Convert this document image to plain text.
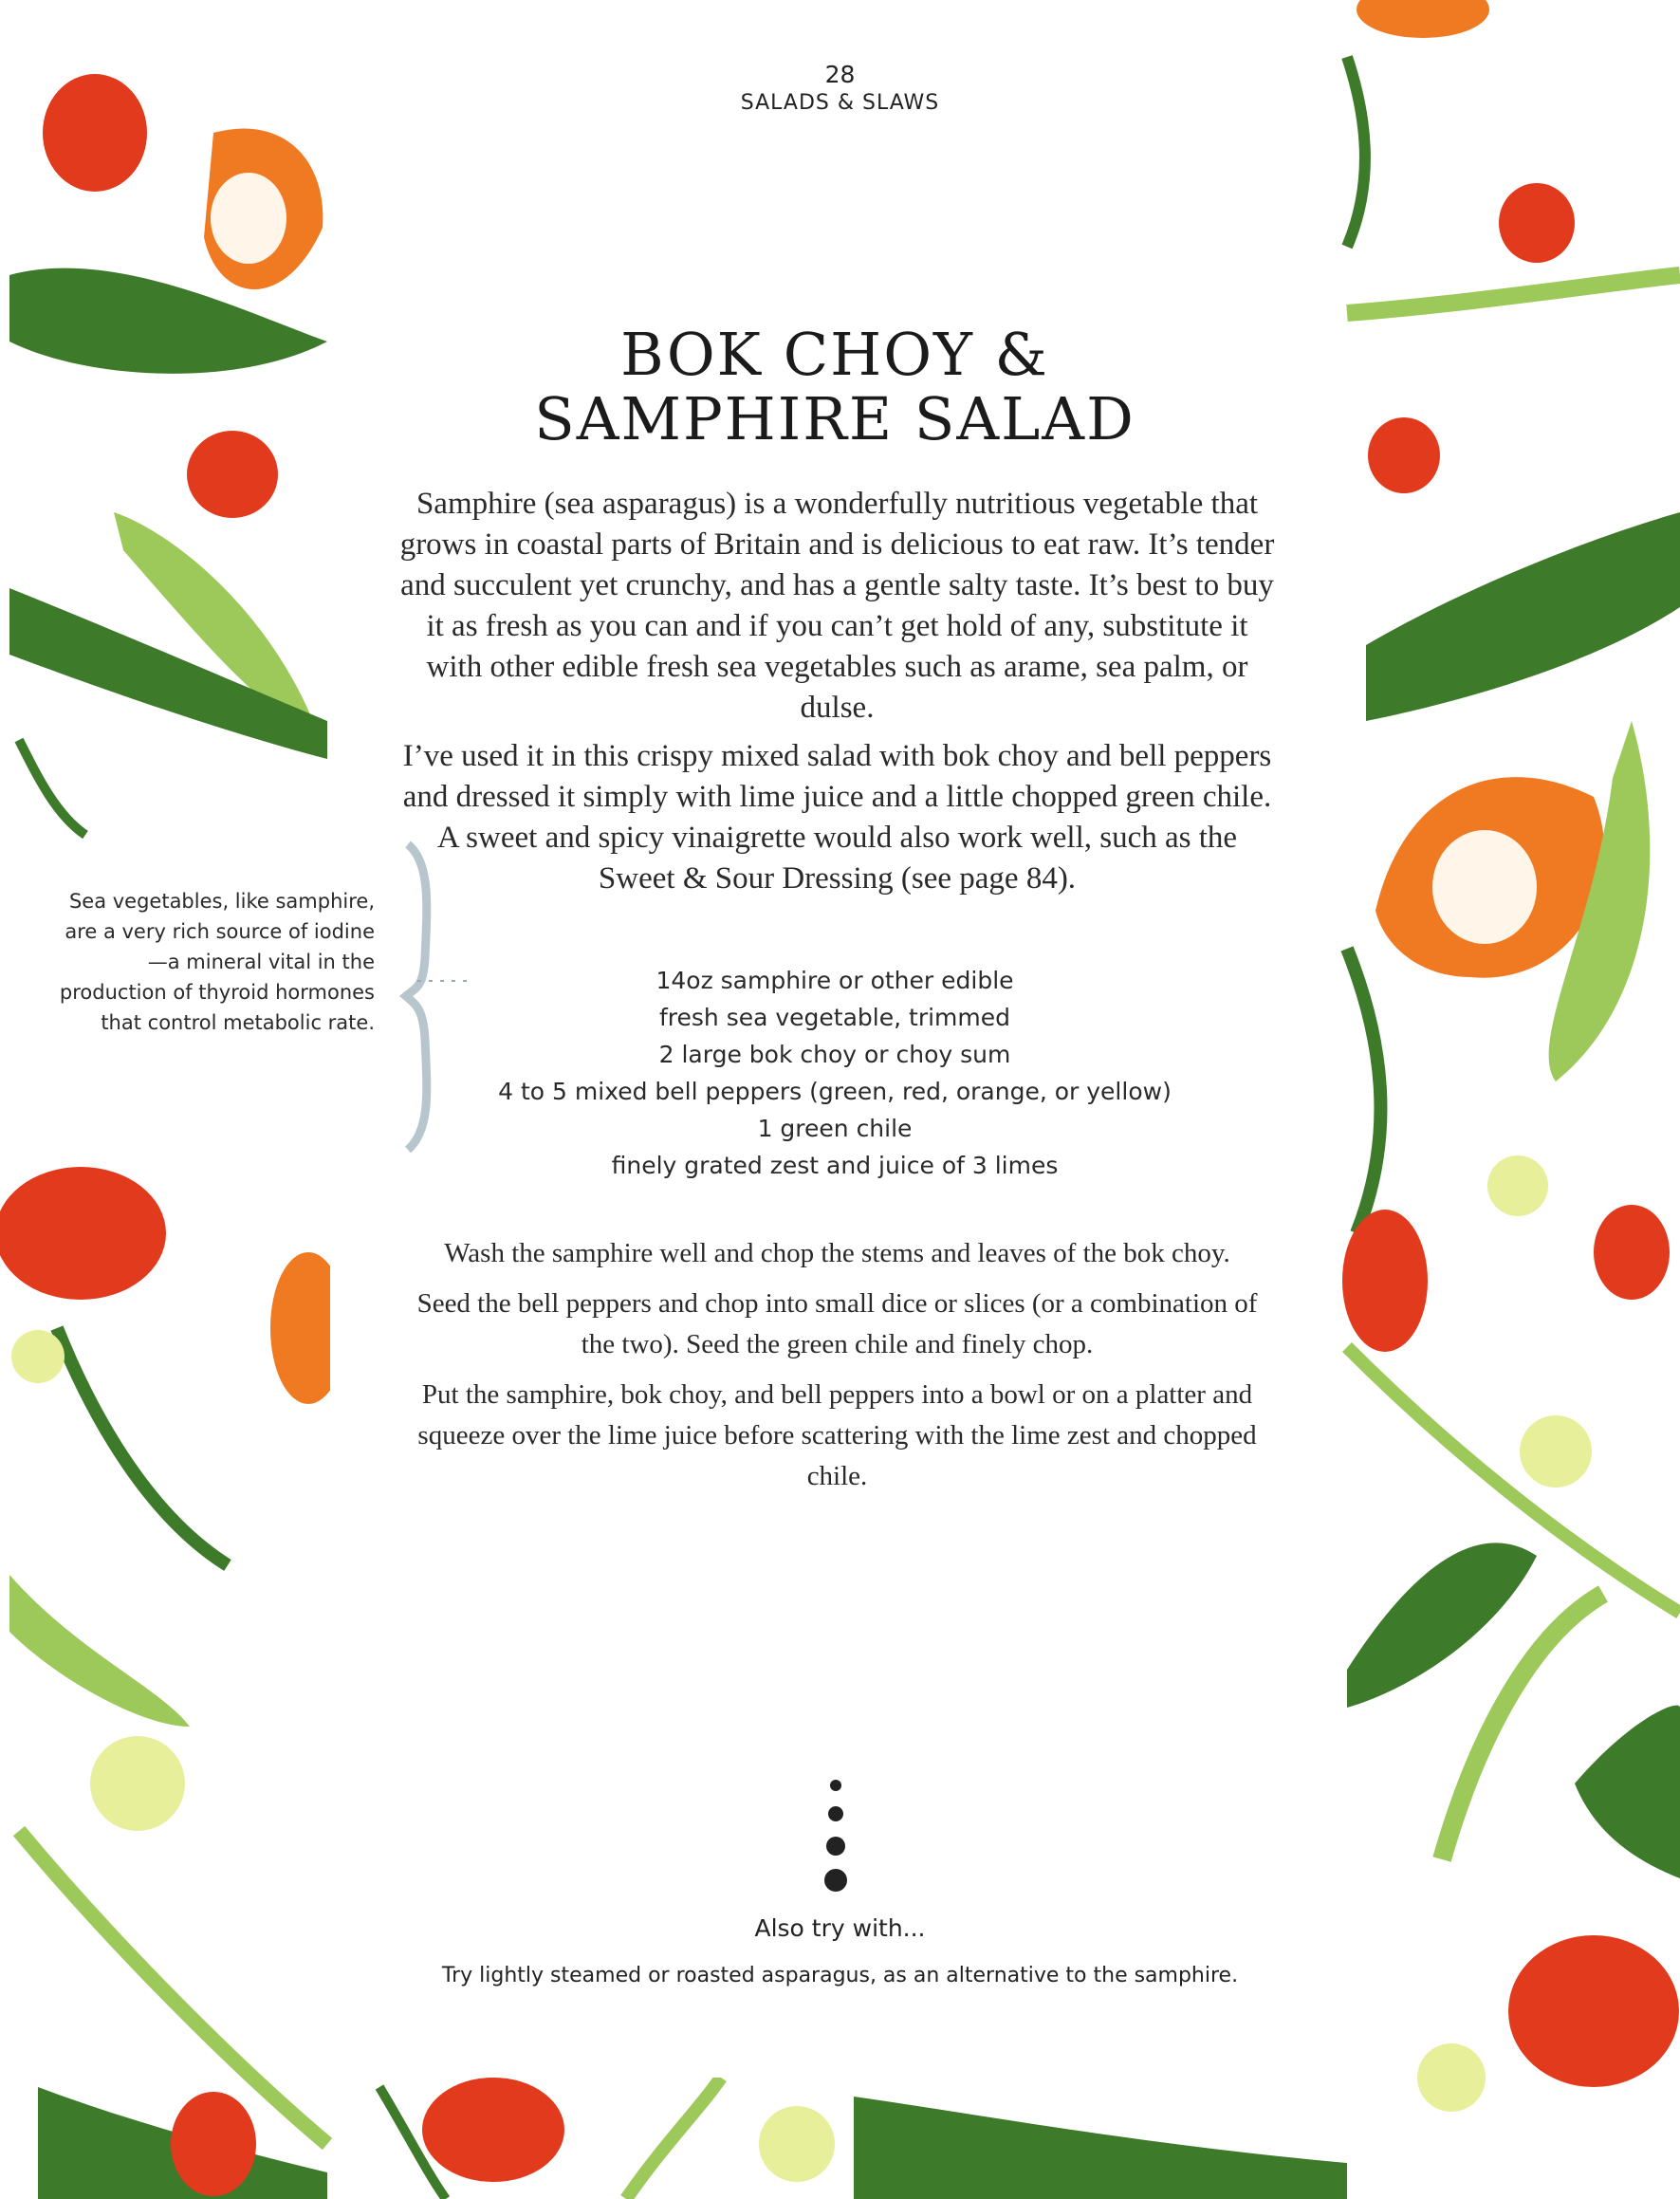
28
SALADS & SLAWS
BOK CHOY &
SAMPHIRE SALAD

Samphire (sea asparagus) is a wonderfully nutritious vegetable that grows in coastal parts of Britain and is delicious to eat raw. It’s tender and succulent yet crunchy, and has a gentle salty taste. It’s best to buy it as fresh as you can and if you can’t get hold of any, substitute it with other edible fresh sea vegetables such as arame, sea palm, or dulse.

I’ve used it in this crispy mixed salad with bok choy and bell peppers and dressed it simply with lime juice and a little chopped green chile. A sweet and spicy vinaigrette would also work well, such as the Sweet & Sour Dressing (see page 84).

Sea vegetables, like samphire, are a very rich source of iodine—a mineral vital in the production of thyroid hormones that control metabolic rate.
14oz samphire or other edible
fresh sea vegetable, trimmed
2 large bok choy or choy sum
4 to 5 mixed bell peppers (green, red, orange, or yellow)
1 green chile
finely grated zest and juice of 3 limes

Wash the samphire well and chop the stems and leaves of the bok choy.

Seed the bell peppers and chop into small dice or slices (or a combination of the two). Seed the green chile and finely chop.

Put the samphire, bok choy, and bell peppers into a bowl or on a platter and squeeze over the lime juice before scattering with the lime zest and chopped chile.

Also try with...
Try lightly steamed or roasted asparagus, as an alternative to the samphire.
